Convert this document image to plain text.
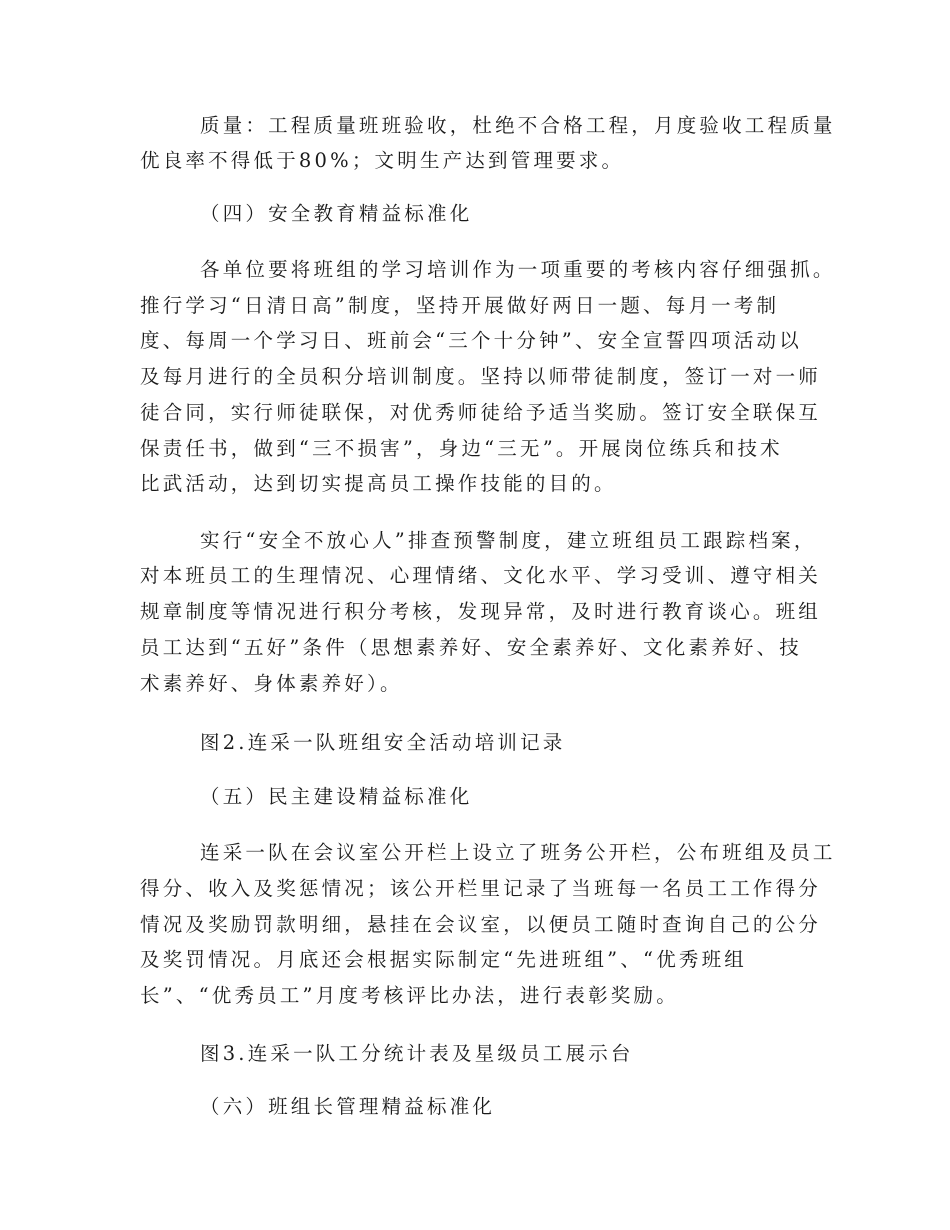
质量：工程质量班班验收，杜绝不合格工程，月度验收工程质量
优良率不得低于80%；文明生产达到管理要求。
（四）安全教育精益标准化
各单位要将班组的学习培训作为一项重要的考核内容仔细强抓。
推行学习“日清日高”制度，坚持开展做好两日一题、每月一考制
度、每周一个学习日、班前会“三个十分钟”、安全宣誓四项活动以
及每月进行的全员积分培训制度。坚持以师带徒制度，签订一对一师
徒合同，实行师徒联保，对优秀师徒给予适当奖励。签订安全联保互
保责任书，做到“三不损害”，身边“三无”。开展岗位练兵和技术
比武活动，达到切实提高员工操作技能的目的。
实行“安全不放心人”排查预警制度，建立班组员工跟踪档案，
对本班员工的生理情况、心理情绪、文化水平、学习受训、遵守相关
规章制度等情况进行积分考核，发现异常，及时进行教育谈心。班组
员工达到“五好”条件（思想素养好、安全素养好、文化素养好、技
术素养好、身体素养好）。
图2.连采一队班组安全活动培训记录
（五）民主建设精益标准化
连采一队在会议室公开栏上设立了班务公开栏，公布班组及员工
得分、收入及奖惩情况；该公开栏里记录了当班每一名员工工作得分
情况及奖励罚款明细，悬挂在会议室，以便员工随时查询自己的公分
及奖罚情况。月底还会根据实际制定“先进班组”、“优秀班组
长”、“优秀员工”月度考核评比办法，进行表彰奖励。
图3.连采一队工分统计表及星级员工展示台
（六）班组长管理精益标准化
